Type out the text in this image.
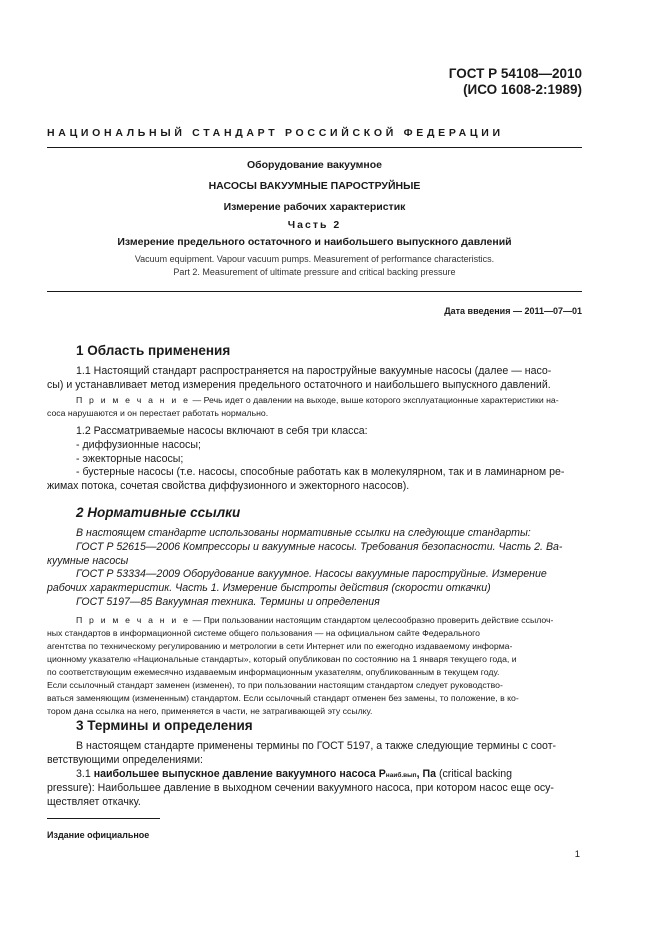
ГОСТ Р 54108—2010
(ИСО 1608-2:1989)
НАЦИОНАЛЬНЫЙ СТАНДАРТ РОССИЙСКОЙ ФЕДЕРАЦИИ
Оборудование вакуумное
НАСОСЫ ВАКУУМНЫЕ ПАРОСТРУЙНЫЕ
Измерение рабочих характеристик
Часть 2
Измерение предельного остаточного и наибольшего выпускного давлений
Vacuum equipment. Vapour vacuum pumps. Measurement of performance characteristics.
Part 2. Measurement of ultimate pressure and critical backing pressure
Дата введения — 2011—07—01
1 Область применения
1.1 Настоящий стандарт распространяется на пароструйные вакуумные насосы (далее — насо-
сы) и устанавливает метод измерения предельного остаточного и наибольшего выпускного давлений.
П р и м е ч а н и е — Речь идет о давлении на выходе, выше которого эксплуатационные характеристики на-
соса нарушаются и он перестает работать нормально.
1.2 Рассматриваемые насосы включают в себя три класса:
- диффузионные насосы;
- эжекторные насосы;
- бустерные насосы (т.е. насосы, способные работать как в молекулярном, так и в ламинарном ре-
жимах потока, сочетая свойства диффузионного и эжекторного насосов).
2 Нормативные ссылки
В настоящем стандарте использованы нормативные ссылки на следующие стандарты:
ГОСТ Р 52615—2006 Компрессоры и вакуумные насосы. Требования безопасности. Часть 2. Ва-
куумные насосы
ГОСТ Р 53334—2009 Оборудование вакуумное. Насосы вакуумные пароструйные. Измерение
рабочих характеристик. Часть 1. Измерение быстроты действия (скорости откачки)
ГОСТ 5197—85 Вакуумная техника. Термины и определения
П р и м е ч а н и е — При пользовании настоящим стандартом целесообразно проверить действие ссылоч-
ных стандартов в информационной системе общего пользования — на официальном сайте Федерального
агентства по техническому регулированию и метрологии в сети Интернет или по ежегодно издаваемому информа-
ционному указателю «Национальные стандарты», который опубликован по состоянию на 1 января текущего года, и
по соответствующим ежемесячно издаваемым информационным указателям, опубликованным в текущем году.
Если ссылочный стандарт заменен (изменен), то при пользовании настоящим стандартом следует руководство-
ваться заменяющим (измененным) стандартом. Если ссылочный стандарт отменен без замены, то положение, в ко-
тором дана ссылка на него, применяется в части, не затрагивающей эту ссылку.
3 Термины и определения
В настоящем стандарте применены термины по ГОСТ 5197, а также следующие термины с соот-
ветствующими определениями:
3.1 наибольшее выпускное давление вакуумного насоса Рнаиб.вып, Па (critical backing
pressure): Наибольшее давление в выходном сечении вакуумного насоса, при котором насос еще осу-
ществляет откачку.
Издание официальное
1
